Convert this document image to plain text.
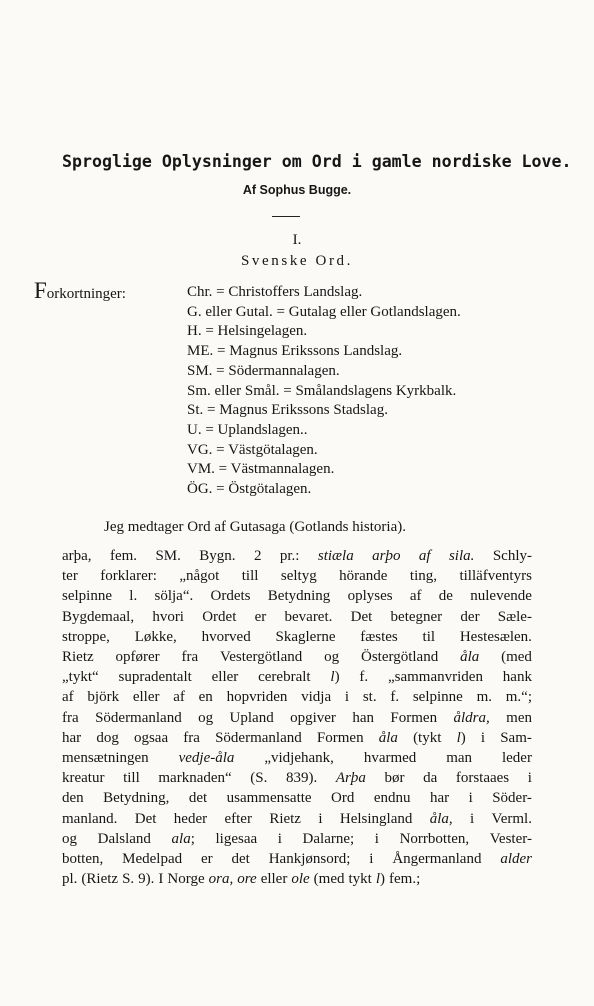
Sproglige Oplysninger om Ord i gamle nordiske Love.
Af Sophus Bugge.
I.
Svenske Ord.
Forkortninger:	Chr. = Christoffers Landslag.
G. eller Gutal. = Gutalag eller Gotlandslagen.
H. = Helsingelagen.
ME. = Magnus Erikssons Landslag.
SM. = Södermannalagen.
Sm. eller Smål. = Smålandslagens Kyrkbalk.
St. = Magnus Erikssons Stadslag.
U. = Uplandslagen..
VG. = Västgötalagen.
VM. = Västmannalagen.
ÖG. = Östgötalagen.
Jeg medtager Ord af Gutasaga (Gotlands historia).
arþa, fem. SM. Bygn. 2 pr.: stiæla arþo af sila. Schly-
ter forklarer: „något till seltyg hörande ting, tilläfventyrs
selpinne l. sölja“. Ordets Betydning oplyses af de nulevende
Bygdemaal, hvori Ordet er bevaret. Det betegner der Sæle-
stroppe, Løkke, hvorved Skaglerne fæstes til Hestesælen.
Rietz opfører fra Vestergötland og Östergötland åla (med
„tykt“ supradentalt eller cerebralt l) f. „sammanvriden hank
af björk eller af en hopvriden vidja i st. f. selpinne m. m.“;
fra Södermanland og Upland opgiver han Formen åldra, men
har dog ogsaa fra Södermanland Formen åla (tykt l) i Sam-
mensætningen vedje-åla „vidjehank, hvarmed man leder
kreatur till marknaden“ (S. 839). Arþa bør da forstaaes i
den Betydning, det usammensatte Ord endnu har i Söder-
manland. Det heder efter Rietz i Helsingland åla, i Verml.
og Dalsland ala; ligesaa i Dalarne; i Norrbotten, Vester-
botten, Medelpad er det Hankjønsord; i Ångermanland alder
pl. (Rietz S. 9). I Norge ora, ore eller ole (med tykt l) fem.;
